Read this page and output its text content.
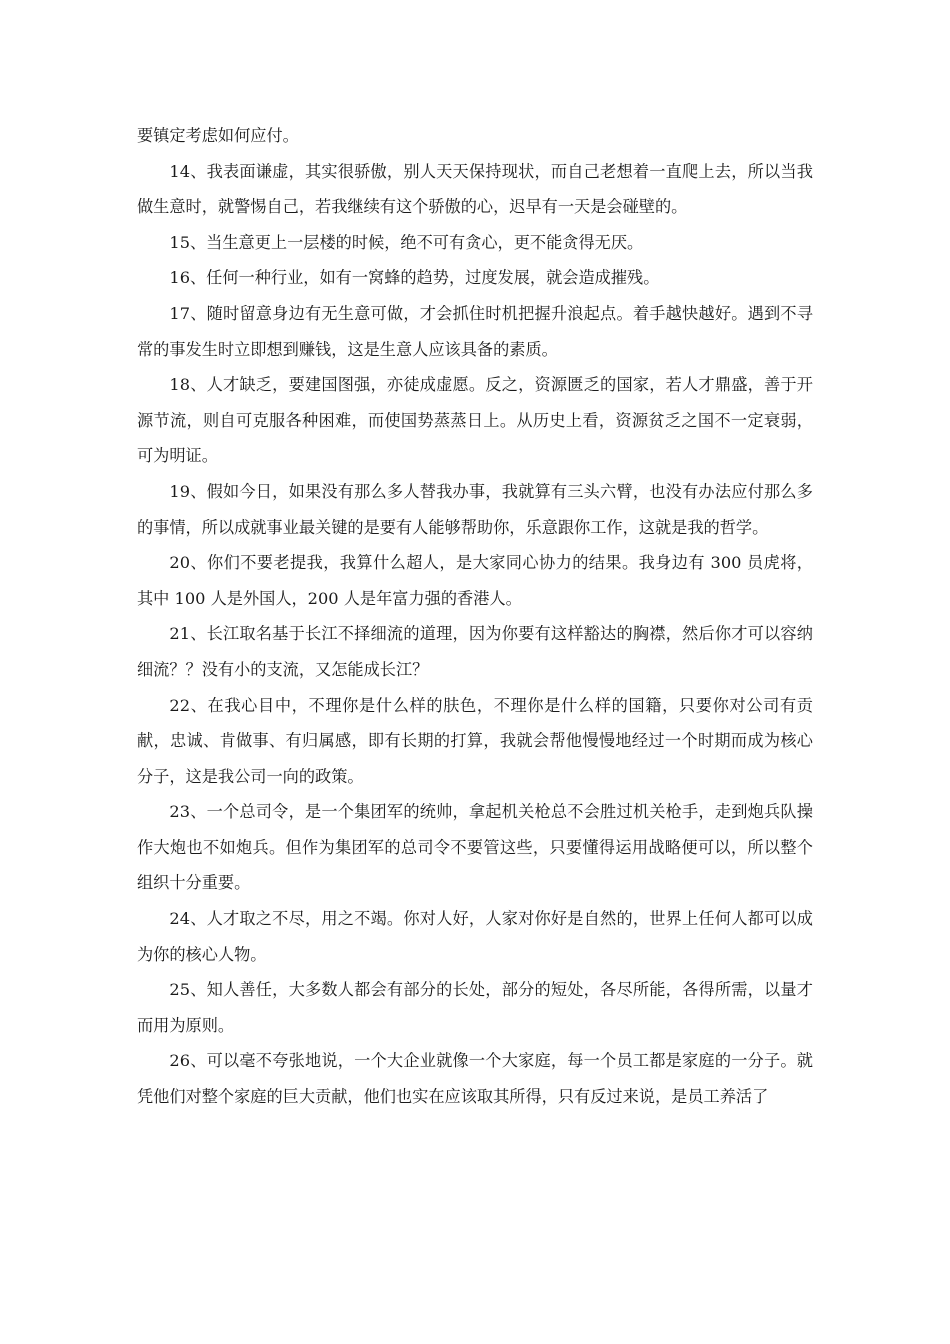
要镇定考虑如何应付。

14、我表面谦虚，其实很骄傲，别人天天保持现状，而自己老想着一直爬上去，所以当我做生意时，就警惕自己，若我继续有这个骄傲的心，迟早有一天是会碰壁的。

15、当生意更上一层楼的时候，绝不可有贪心，更不能贪得无厌。

16、任何一种行业，如有一窝蜂的趋势，过度发展，就会造成摧残。

17、随时留意身边有无生意可做，才会抓住时机把握升浪起点。着手越快越好。遇到不寻常的事发生时立即想到赚钱，这是生意人应该具备的素质。

18、人才缺乏，要建国图强，亦徒成虚愿。反之，资源匮乏的国家，若人才鼎盛，善于开源节流，则自可克服各种困难，而使国势蒸蒸日上。从历史上看，资源贫乏之国不一定衰弱，可为明证。

19、假如今日，如果没有那么多人替我办事，我就算有三头六臂，也没有办法应付那么多的事情，所以成就事业最关键的是要有人能够帮助你，乐意跟你工作，这就是我的哲学。

20、你们不要老提我，我算什么超人，是大家同心协力的结果。我身边有 300 员虎将，其中 100 人是外国人，200 人是年富力强的香港人。

21、长江取名基于长江不择细流的道理，因为你要有这样豁达的胸襟，然后你才可以容纳细流？？没有小的支流，又怎能成长江？

22、在我心目中，不理你是什么样的肤色，不理你是什么样的国籍，只要你对公司有贡献，忠诚、肯做事、有归属感，即有长期的打算，我就会帮他慢慢地经过一个时期而成为核心分子，这是我公司一向的政策。

23、一个总司令，是一个集团军的统帅，拿起机关枪总不会胜过机关枪手，走到炮兵队操作大炮也不如炮兵。但作为集团军的总司令不要管这些，只要懂得运用战略便可以，所以整个组织十分重要。

24、人才取之不尽，用之不竭。你对人好，人家对你好是自然的，世界上任何人都可以成为你的核心人物。

25、知人善任，大多数人都会有部分的长处，部分的短处，各尽所能，各得所需，以量才而用为原则。

26、可以毫不夸张地说，一个大企业就像一个大家庭，每一个员工都是家庭的一分子。就凭他们对整个家庭的巨大贡献，他们也实在应该取其所得，只有反过来说，是员工养活了
